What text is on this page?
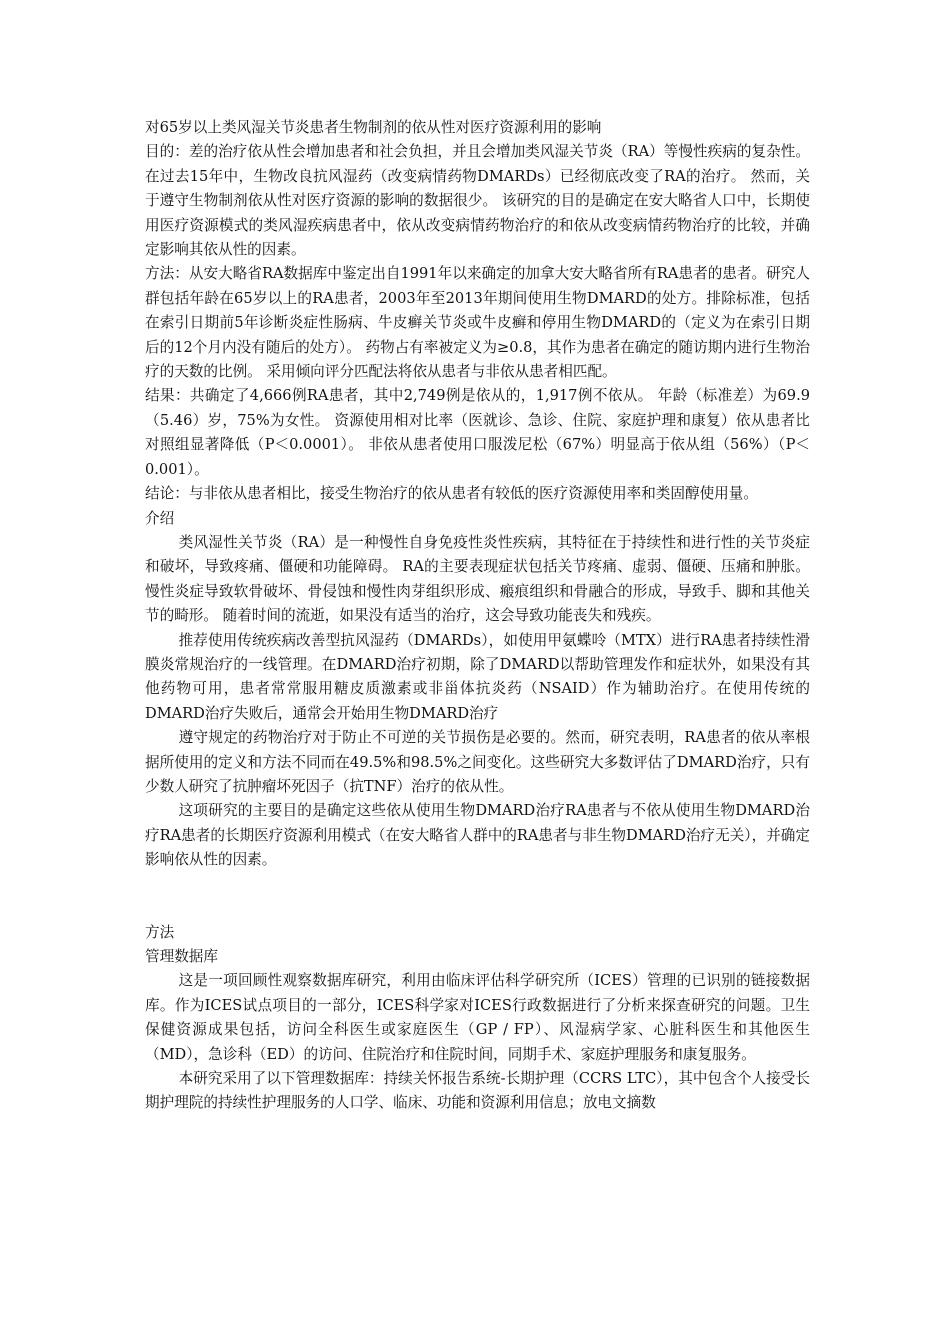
对65岁以上类风湿关节炎患者生物制剂的依从性对医疗资源利用的影响

目的：差的治疗依从性会增加患者和社会负担，并且会增加类风湿关节炎（RA）等慢性疾病的复杂性。 在过去15年中，生物改良抗风湿药（改变病情药物DMARDs）已经彻底改变了RA的治疗。 然而，关于遵守生物制剂依从性对医疗资源的影响的数据很少。 该研究的目的是确定在安大略省人口中，长期使用医疗资源模式的类风湿疾病患者中，依从改变病情药物治疗的和依从改变病情药物治疗的比较，并确定影响其依从性的因素。

方法：从安大略省RA数据库中鉴定出自1991年以来确定的加拿大安大略省所有RA患者的患者。研究人群包括年龄在65岁以上的RA患者，2003年至2013年期间使用生物DMARD的处方。排除标准，包括在索引日期前5年诊断炎症性肠病、牛皮癣关节炎或牛皮癣和停用生物DMARD的（定义为在索引日期后的12个月内没有随后的处方）。 药物占有率被定义为≥0.8，其作为患者在确定的随访期内进行生物治疗的天数的比例。 采用倾向评分匹配法将依从患者与非依从患者相匹配。

结果：共确定了4,666例RA患者，其中2,749例是依从的，1,917例不依从。 年龄（标准差）为69.9（5.46）岁，75%为女性。 资源使用相对比率（医就诊、急诊、住院、家庭护理和康复）依从患者比对照组显著降低（P＜0.0001）。 非依从患者使用口服泼尼松（67%）明显高于依从组（56%）（P＜0.001）。

结论：与非依从患者相比，接受生物治疗的依从患者有较低的医疗资源使用率和类固醇使用量。

介绍

类风湿性关节炎（RA）是一种慢性自身免疫性炎性疾病，其特征在于持续性和进行性的关节炎症和破坏，导致疼痛、僵硬和功能障碍。 RA的主要表现症状包括关节疼痛、虚弱、僵硬、压痛和肿胀。 慢性炎症导致软骨破坏、骨侵蚀和慢性肉芽组织形成、瘢痕组织和骨融合的形成，导致手、脚和其他关节的畸形。 随着时间的流逝，如果没有适当的治疗，这会导致功能丧失和残疾。

推荐使用传统疾病改善型抗风湿药（DMARDs），如使用甲氨蝶呤（MTX）进行RA患者持续性滑膜炎常规治疗的一线管理。在DMARD治疗初期，除了DMARD以帮助管理发作和症状外，如果没有其他药物可用，患者常常服用糖皮质激素或非甾体抗炎药（NSAID）作为辅助治疗。在使用传统的DMARD治疗失败后，通常会开始用生物DMARD治疗

遵守规定的药物治疗对于防止不可逆的关节损伤是必要的。然而，研究表明，RA患者的依从率根据所使用的定义和方法不同而在49.5%和98.5%之间变化。这些研究大多数评估了DMARD治疗，只有少数人研究了抗肿瘤坏死因子（抗TNF）治疗的依从性。

这项研究的主要目的是确定这些依从使用生物DMARD治疗RA患者与不依从使用生物DMARD治疗RA患者的长期医疗资源利用模式（在安大略省人群中的RA患者与非生物DMARD治疗无关），并确定影响依从性的因素。

方法

管理数据库

这是一项回顾性观察数据库研究，利用由临床评估科学研究所（ICES）管理的已识别的链接数据库。作为ICES试点项目的一部分，ICES科学家对ICES行政数据进行了分析来探查研究的问题。卫生保健资源成果包括，访问全科医生或家庭医生（GP / FP）、风湿病学家、心脏科医生和其他医生（MD），急诊科（ED）的访问、住院治疗和住院时间，同期手术、家庭护理服务和康复服务。

本研究采用了以下管理数据库：持续关怀报告系统-长期护理（CCRS LTC），其中包含个人接受长期护理院的持续性护理服务的人口学、临床、功能和资源利用信息；放电文摘数
